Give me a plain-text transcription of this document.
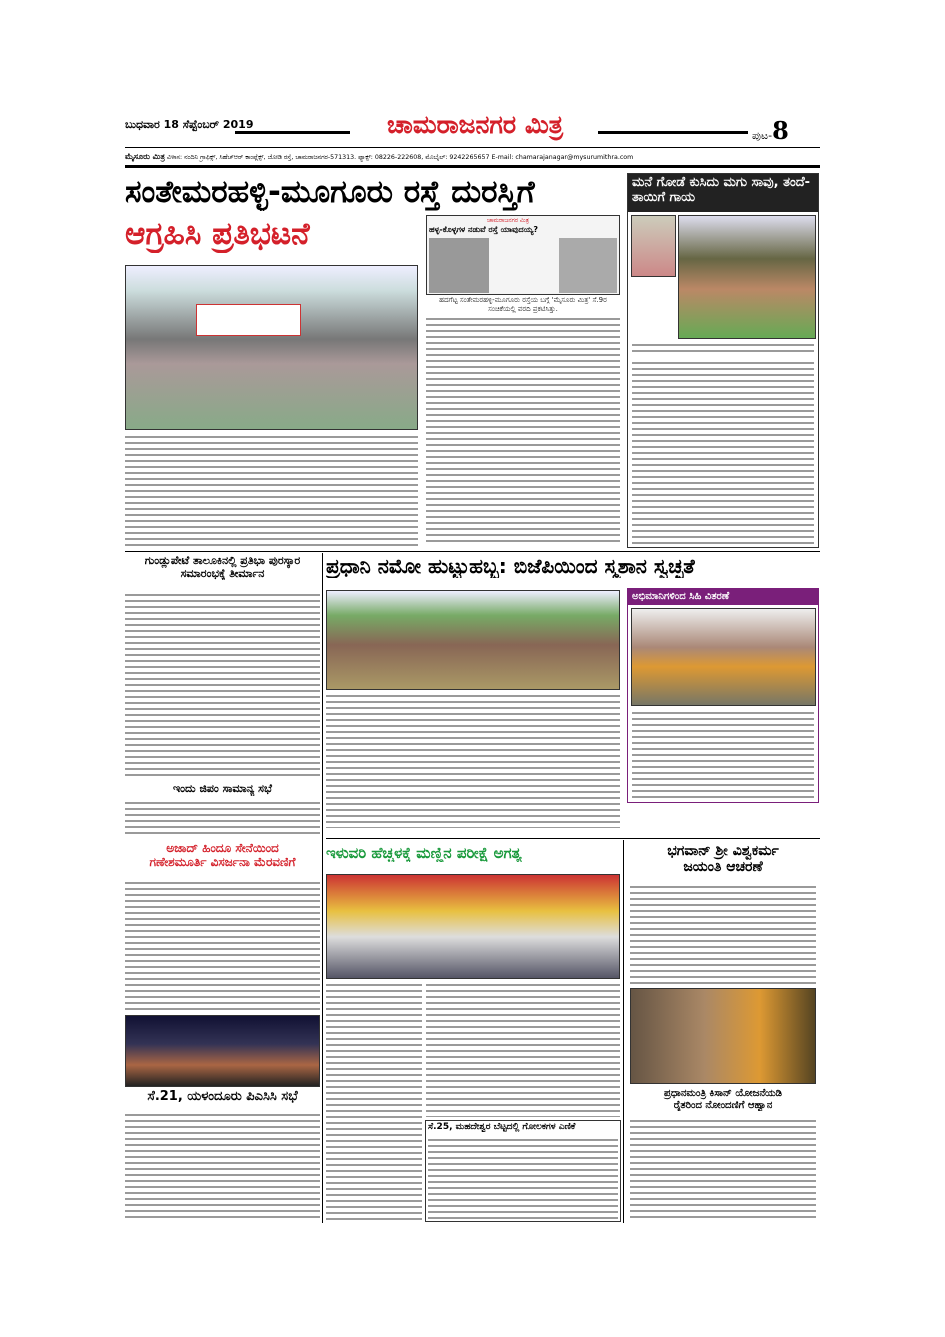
ಬುಧವಾರ 18 ಸೆಪ್ಟೆಂಬರ್ 2019	ಚಾಮರಾಜನಗರ ಮಿತ್ರ	ಪುಟ-8
ಮೈಸೂರು ಮಿತ್ರ ವಿಳಾಸ: ನಂದಿನಿ ಗ್ರಾಫಿಕ್ಸ್, ಸಿಹೆಚ್‌ಆರ್ ಕಾಂಪ್ಲೆಕ್ಸ್, ಜೋಡಿ ರಸ್ತೆ, ಚಾಮರಾಜನಗರ-571313. ಫ್ಯಾಕ್ಸ್: 08226-222608, ಮೊಬೈಲ್: 9242265657 E-mail: chamarajanagar@mysurumithra.com
ಸಂತೇಮರಹಳ್ಳಿ-ಮೂಗೂರು ರಸ್ತೆ ದುರಸ್ತಿಗೆ
ಆಗ್ರಹಿಸಿ ಪ್ರತಿಭಟನೆ	ಚಾಮರಾಜನಗರ ಮಿತ್ರ
ಹಳ್ಳ-ಕೊಳ್ಳಗಳ ನಡುವೆ ರಸ್ತೆ ಯಾವುದಯ್ಯ?
ಹದಗೆಟ್ಟ ಸಂತೇಮರಹಳ್ಳಿ-ಮೂಗೂರು ರಸ್ತೆಯ ಬಗ್ಗೆ 'ಮೈಸೂರು ಮಿತ್ರ' ಸೆ.9ರ ಸಂಚಿಕೆಯಲ್ಲಿ ವರದಿ ಪ್ರಕಟಿಸಿತ್ತು.
ಮನೆ ಗೋಡೆ ಕುಸಿದು ಮಗು ಸಾವು, ತಂದೆ-ತಾಯಿಗೆ ಗಾಯ
ಗುಂಡ್ಲುಪೇಟೆ ತಾಲೂಕಿನಲ್ಲಿ ಪ್ರತಿಭಾ ಪುರಸ್ಕಾರ ಸಮಾರಂಭಕ್ಕೆ ತೀರ್ಮಾನ
ಇಂದು ಜಿಪಂ ಸಾಮಾನ್ಯ ಸಭೆ
ಪ್ರಧಾನಿ ನಮೋ ಹುಟ್ಟುಹಬ್ಬ: ಬಿಜೆಪಿಯಿಂದ ಸ್ಮಶಾನ ಸ್ವಚ್ಛತೆ
ಅಭಿಮಾನಿಗಳಿಂದ ಸಿಹಿ ವಿತರಣೆ
ಅಜಾದ್ ಹಿಂದೂ ಸೇನೆಯಿಂದ
ಗಣೇಶಮೂರ್ತಿ ವಿಸರ್ಜನಾ ಮೆರವಣಿಗೆ
ಸೆ.21, ಯಳಂದೂರು ಪಿಎಸಿಸಿ ಸಭೆ
ಇಳುವರಿ ಹೆಚ್ಚಳಕ್ಕೆ ಮಣ್ಣಿನ ಪರೀಕ್ಷೆ ಅಗತ್ಯ
ಸೆ.25, ಮಹದೇಶ್ವರ ಬೆಟ್ಟದಲ್ಲಿ ಗೋಲಕಗಳ ಎಣಿಕೆ
ಭಗವಾನ್ ಶ್ರೀ ವಿಶ್ವಕರ್ಮ
ಜಯಂತಿ ಆಚರಣೆ
ಪ್ರಧಾನಮಂತ್ರಿ ಕಿಸಾನ್ ಯೋಜನೆಯಡಿ
ರೈತರಿಂದ ನೋಂದಣಿಗೆ ಆಹ್ವಾನ
